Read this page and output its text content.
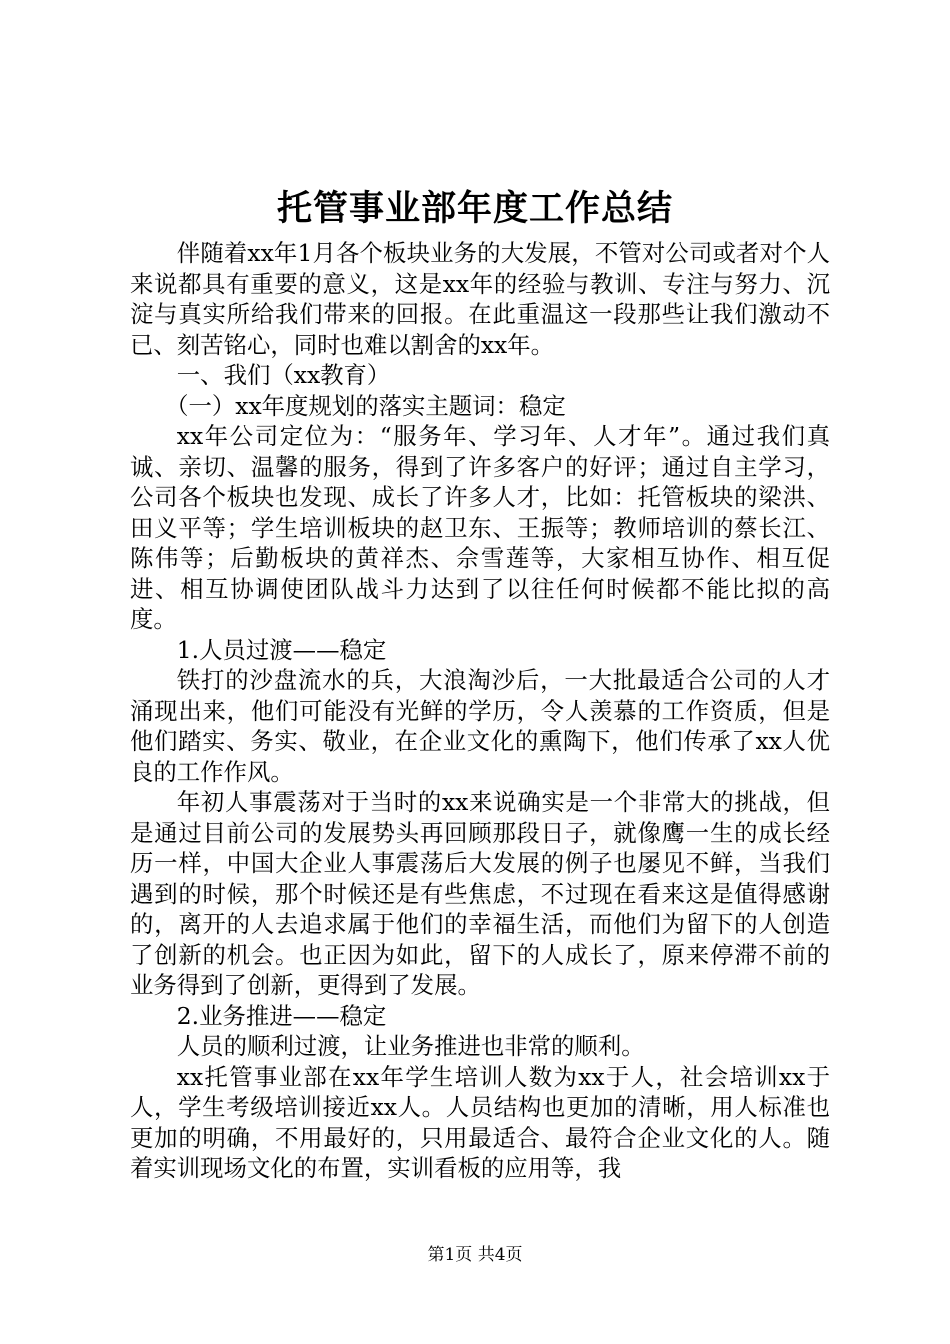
托管事业部年度工作总结

伴随着xx年1月各个板块业务的大发展，不管对公司或者对个人来说都具有重要的意义，这是xx年的经验与教训、专注与努力、沉淀与真实所给我们带来的回报。在此重温这一段那些让我们激动不已、刻苦铭心，同时也难以割舍的xx年。

一、我们（xx教育）

（一）xx年度规划的落实主题词：稳定

xx年公司定位为：“服务年、学习年、人才年”。通过我们真诚、亲切、温馨的服务，得到了许多客户的好评；通过自主学习，公司各个板块也发现、成长了许多人才，比如：托管板块的梁洪、田义平等；学生培训板块的赵卫东、王振等；教师培训的蔡长江、陈伟等；后勤板块的黄祥杰、佘雪莲等，大家相互协作、相互促进、相互协调使团队战斗力达到了以往任何时候都不能比拟的高度。

1.人员过渡——稳定

铁打的沙盘流水的兵，大浪淘沙后，一大批最适合公司的人才涌现出来，他们可能没有光鲜的学历，令人羡慕的工作资质，但是他们踏实、务实、敬业，在企业文化的熏陶下，他们传承了xx人优良的工作作风。

年初人事震荡对于当时的xx来说确实是一个非常大的挑战，但是通过目前公司的发展势头再回顾那段日子，就像鹰一生的成长经历一样，中国大企业人事震荡后大发展的例子也屡见不鲜，当我们遇到的时候，那个时候还是有些焦虑，不过现在看来这是值得感谢的，离开的人去追求属于他们的幸福生活，而他们为留下的人创造了创新的机会。也正因为如此，留下的人成长了，原来停滞不前的业务得到了创新，更得到了发展。

2.业务推进——稳定

人员的顺利过渡，让业务推进也非常的顺利。

xx托管事业部在xx年学生培训人数为xx于人，社会培训xx于人，学生考级培训接近xx人。人员结构也更加的清晰，用人标准也更加的明确，不用最好的，只用最适合、最符合企业文化的人。随着实训现场文化的布置，实训看板的应用等，我

第1页 共4页
